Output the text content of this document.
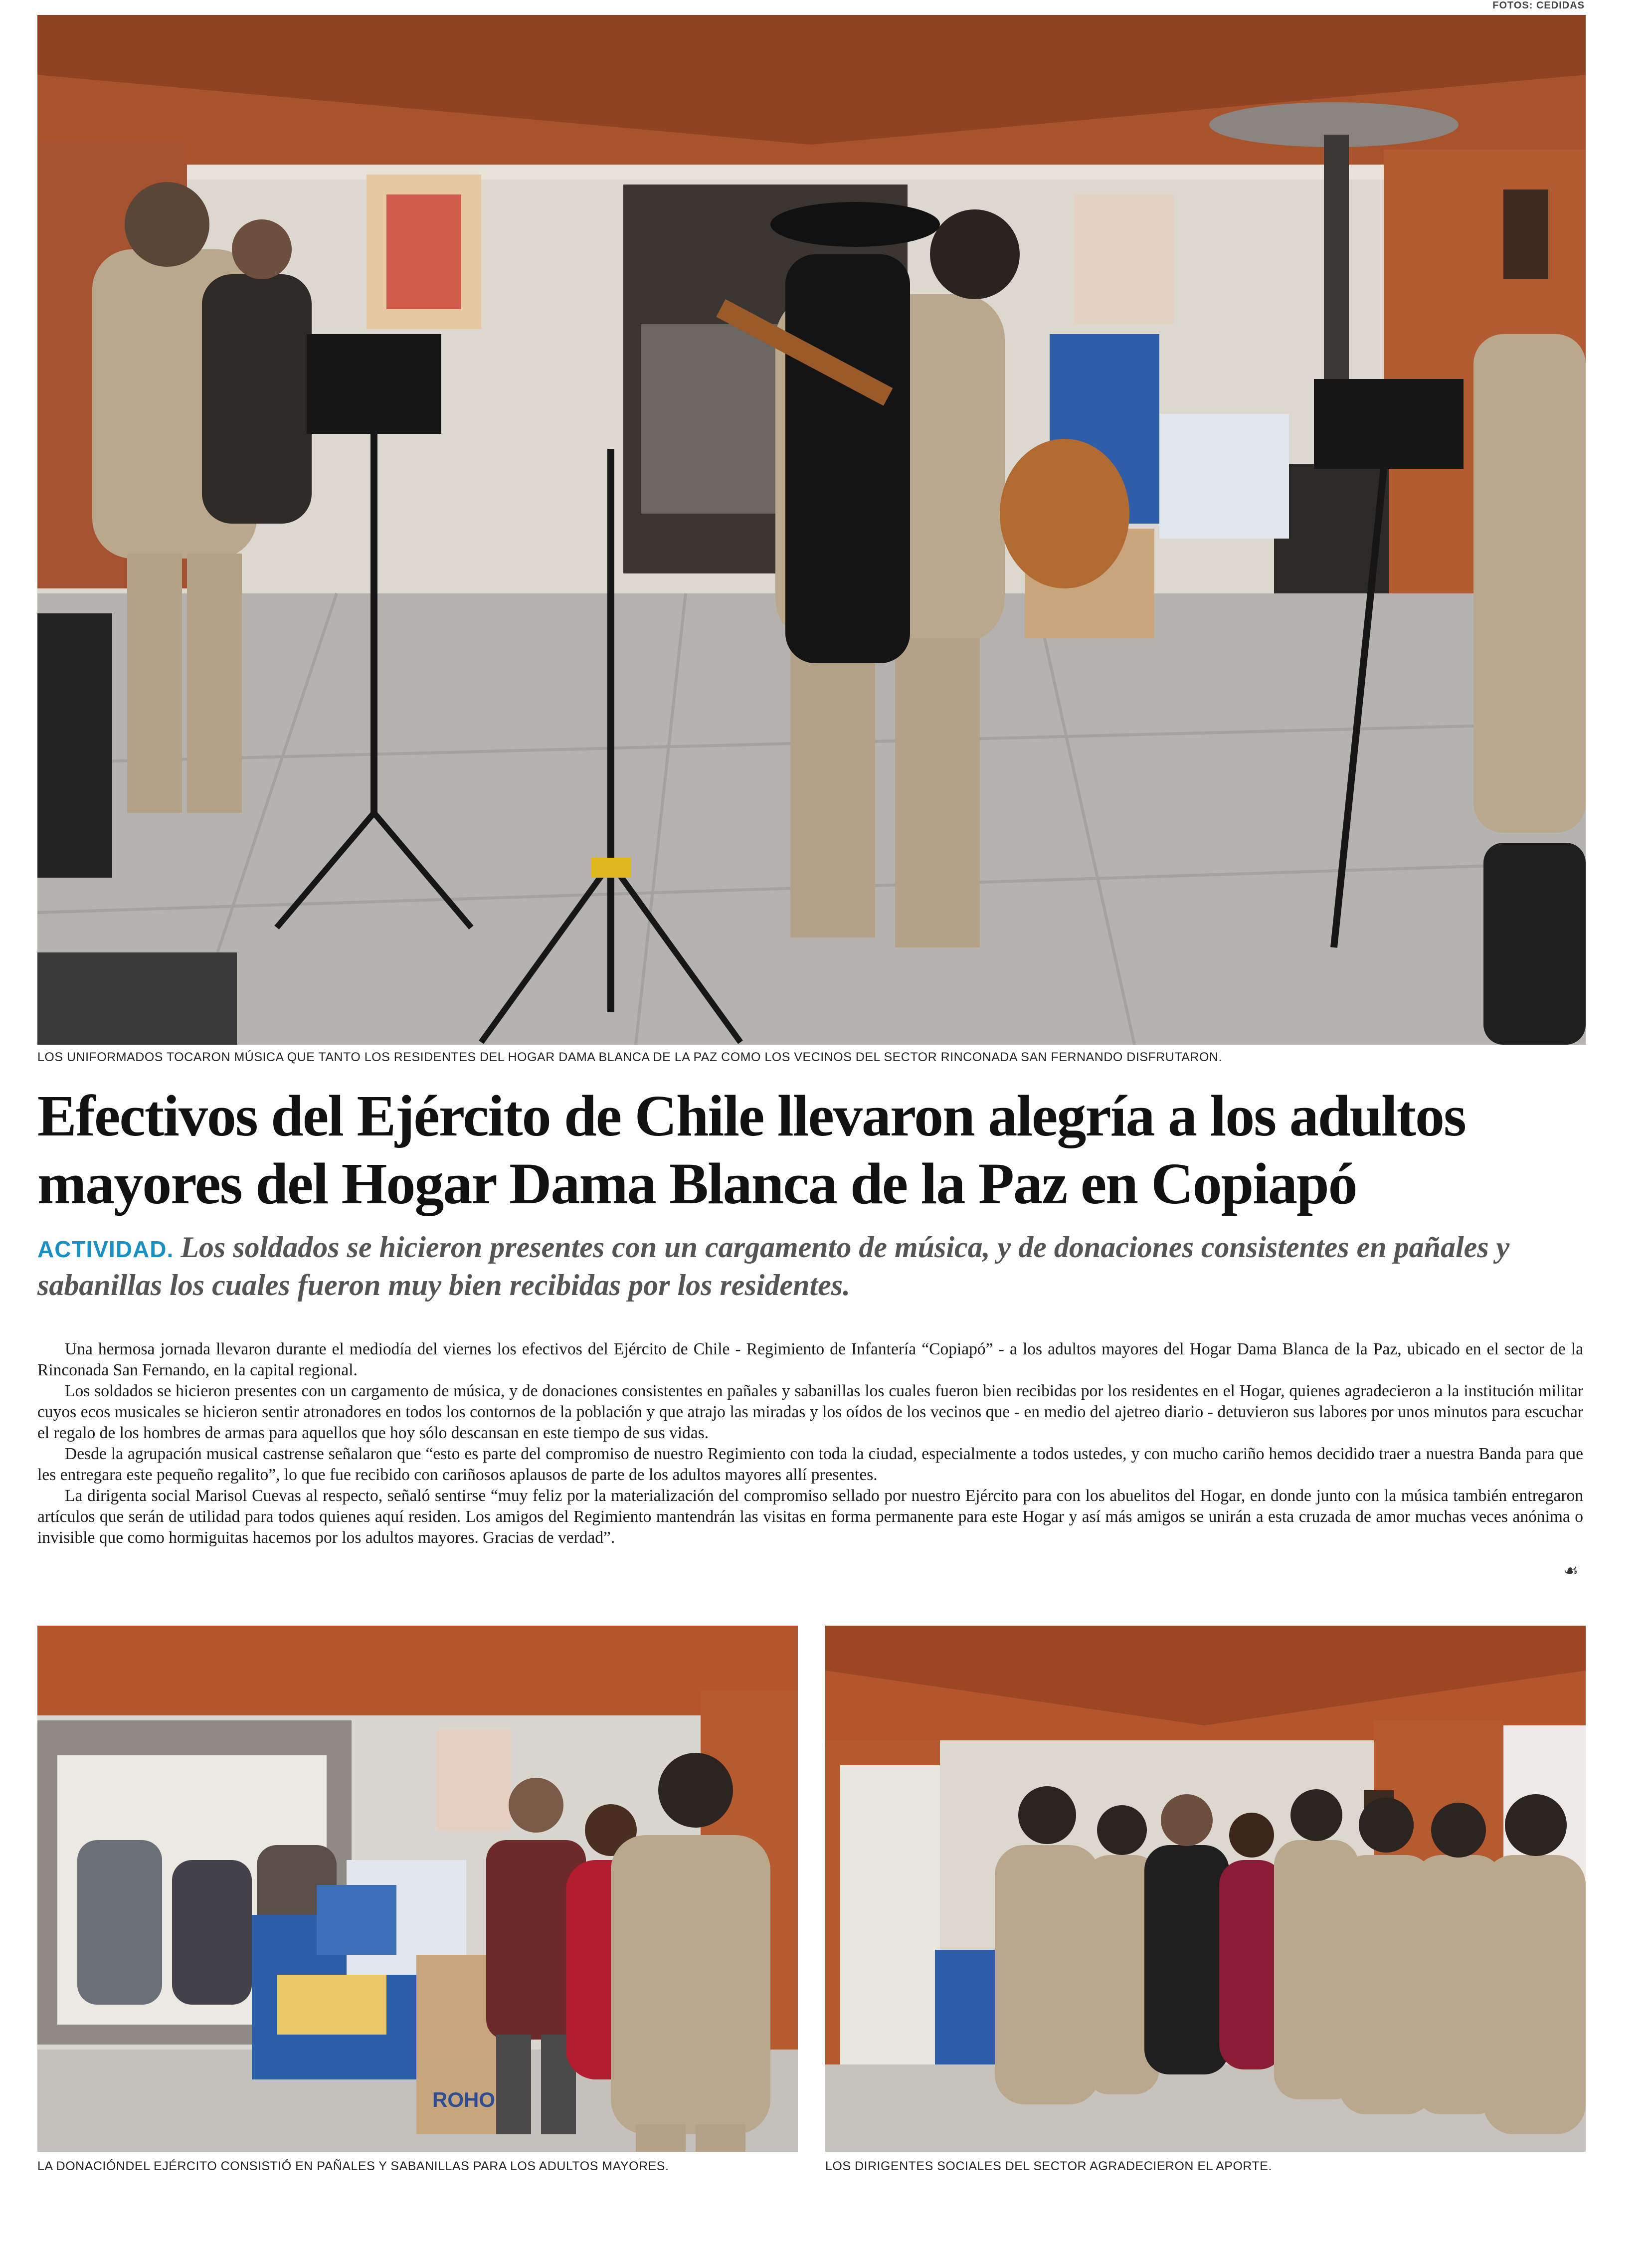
FOTOS: CEDIDAS
LOS UNIFORMADOS TOCARON MÚSICA QUE TANTO LOS RESIDENTES DEL HOGAR DAMA BLANCA DE LA PAZ COMO LOS VECINOS DEL SECTOR RINCONADA SAN FERNANDO DISFRUTARON.
Efectivos del Ejército de Chile llevaron alegría a los adultos mayores del Hogar Dama Blanca de la Paz en Copiapó
ACTIVIDAD. Los soldados se hicieron presentes con un cargamento de música, y de donaciones consistentes en pañales y sabanillas los cuales fueron muy bien recibidas por los residentes.

Una hermosa jornada llevaron durante el mediodía del viernes los efectivos del Ejército de Chile - Regimiento de Infantería “Copiapó” - a los adultos mayores del Hogar Dama Blanca de la Paz, ubicado en el sector de la Rinconada San Fernando, en la capital regional.

Los soldados se hicieron presentes con un cargamento de música, y de donaciones consistentes en pañales y sabanillas los cuales fueron bien recibidas por los residentes en el Hogar, quienes agradecieron a la institución militar cuyos ecos musicales se hicieron sentir atronadores en todos los contornos de la población y que atrajo las miradas y los oídos de los vecinos que - en medio del ajetreo diario - detuvieron sus labores por unos minutos para escuchar el regalo de los hombres de armas para aquellos que hoy sólo descansan en este tiempo de sus vidas.

Desde la agrupación musical castrense señalaron que “esto es parte del compromiso de nuestro Regimiento con toda la ciudad, especialmente a todos ustedes, y con mucho cariño hemos decidido traer a nuestra Banda para que les entregara este pequeño regalito”, lo que fue recibido con cariñosos aplausos de parte de los adultos mayores allí presentes.

La dirigenta social Marisol Cuevas al respecto, señaló sentirse “muy feliz por la materialización del compromiso sellado por nuestro Ejército para con los abuelitos del Hogar, en donde junto con la música también entregaron artículos que serán de utilidad para todos quienes aquí residen. Los amigos del Regimiento mantendrán las visitas en forma permanente para este Hogar y así más amigos se unirán a esta cruzada de amor muchas veces anónima o invisible que como hormiguitas hacemos por los adultos mayores. Gracias de verdad”.

☙
ROHO
LA DONACIÓNDEL EJÉRCITO CONSISTIÓ EN PAÑALES Y SABANILLAS PARA LOS ADULTOS MAYORES.	LOS DIRIGENTES SOCIALES DEL SECTOR AGRADECIERON EL APORTE.
